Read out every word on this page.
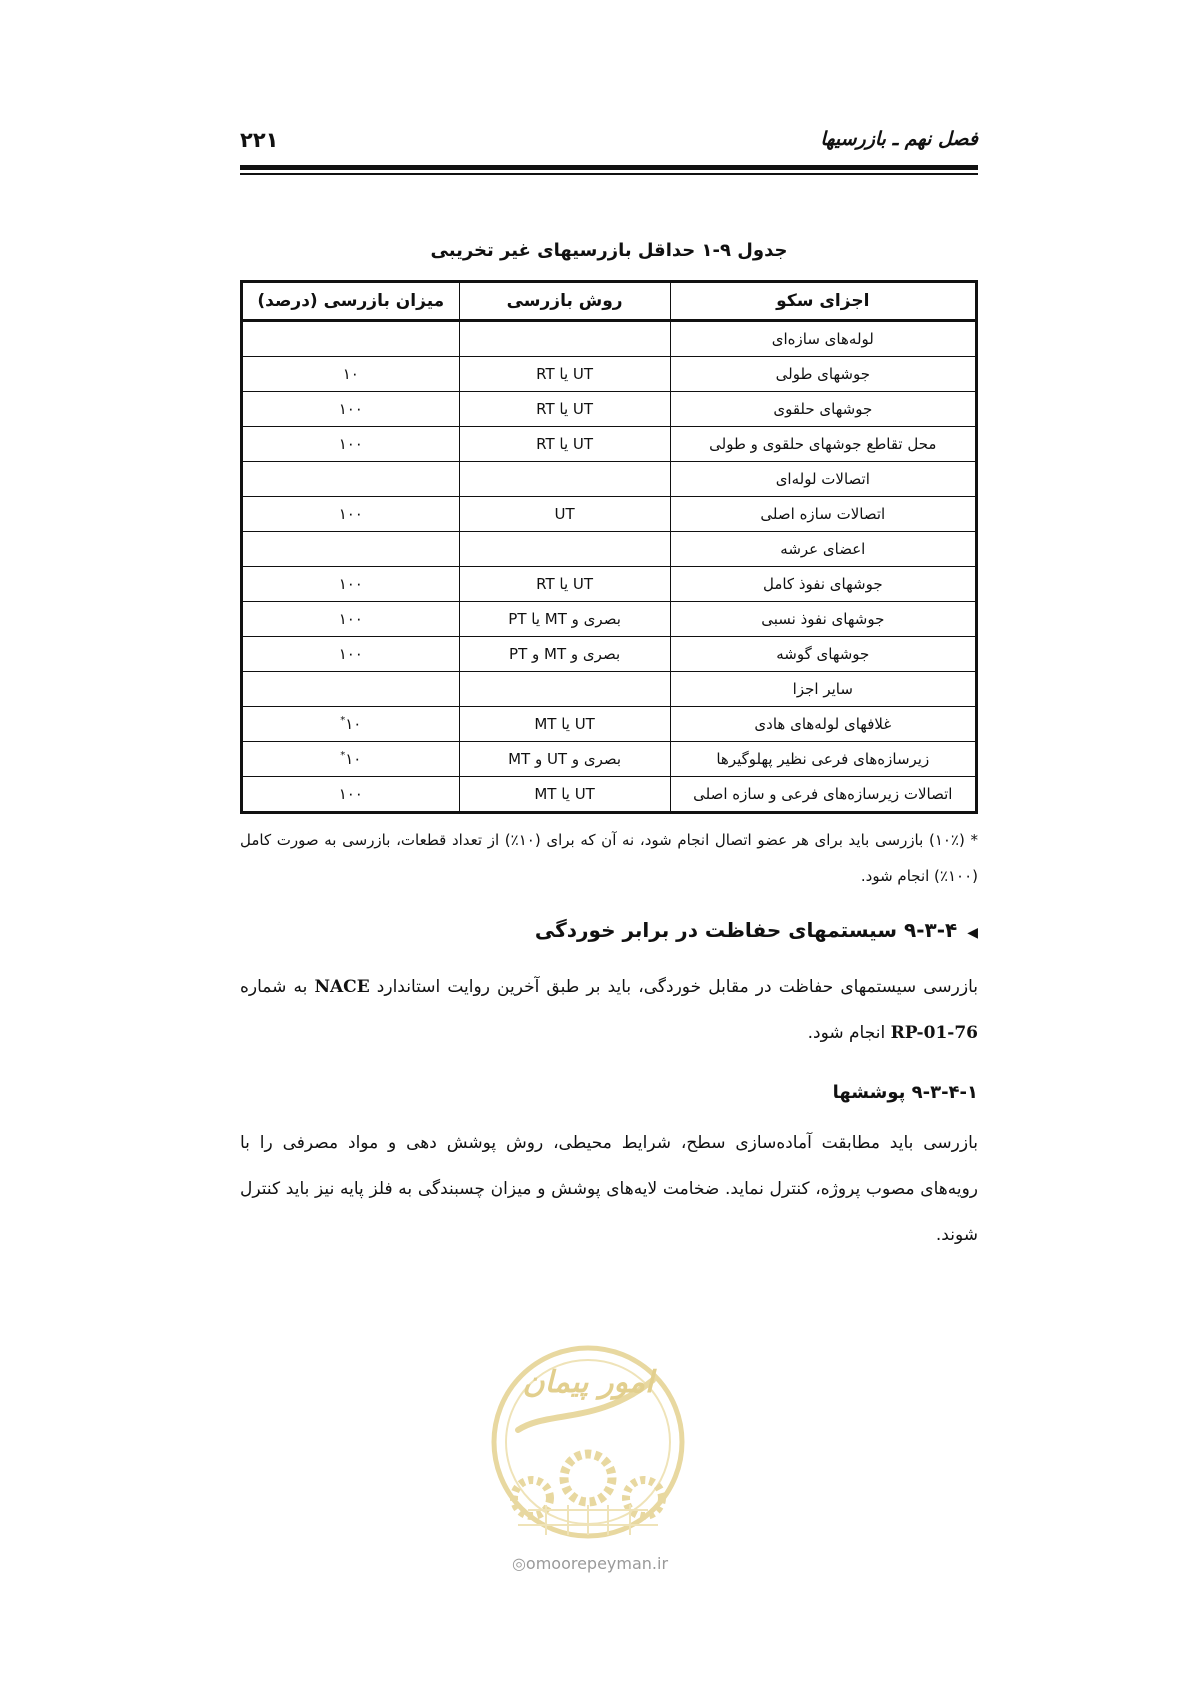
۲۲۱	فصل نهم ـ بازرسیها
جدول ۹-۱ حداقل بازرسیهای غیر تخریبی
اجزای سکو	روش بازرسی	میزان بازرسی (درصد)
لوله‌های سازه‌ای		
جوشهای طولی	UT یا RT	۱۰
جوشهای حلقوی	UT یا RT	۱۰۰
محل تقاطع جوشهای حلقوی و طولی	UT یا RT	۱۰۰
اتصالات لوله‌ای		
اتصالات سازه اصلی	UT	۱۰۰
اعضای عرشه		
جوشهای نفوذ کامل	UT یا RT	۱۰۰
جوشهای نفوذ نسبی	بصری و MT یا PT	۱۰۰
جوشهای گوشه	بصری و MT و PT	۱۰۰
سایر اجزا		
غلافهای لوله‌های هادی	UT یا MT	۱۰*
زیرسازه‌های فرعی نظیر پهلوگیرها	بصری و UT و MT	۱۰*
اتصالات زیرسازه‌های فرعی و سازه اصلی	UT یا MT	۱۰۰
* (۱۰٪) بازرسی باید برای هر عضو اتصال انجام شود، نه آن که برای (۱۰٪) از تعداد قطعات، بازرسی به صورت کامل (۱۰۰٪) انجام شود.
◀۹-۳-۴ سیستمهای حفاظت در برابر خوردگی
بازرسی سیستمهای حفاظت در مقابل خوردگی، باید بر طبق آخرین روایت استاندارد NACE به شماره RP-01-76 انجام شود.
۹-۳-۴-۱ پوششها
بازرسی باید مطابقت آماده‌سازی سطح، شرایط محیطی، روش پوشش دهی و مواد مصرفی را با رویه‌های مصوب پروژه، کنترل نماید. ضخامت لایه‌های پوشش و میزان چسبندگی به فلز پایه نیز باید کنترل شوند.
امور پیمان
◎omoorepeyman.ir
